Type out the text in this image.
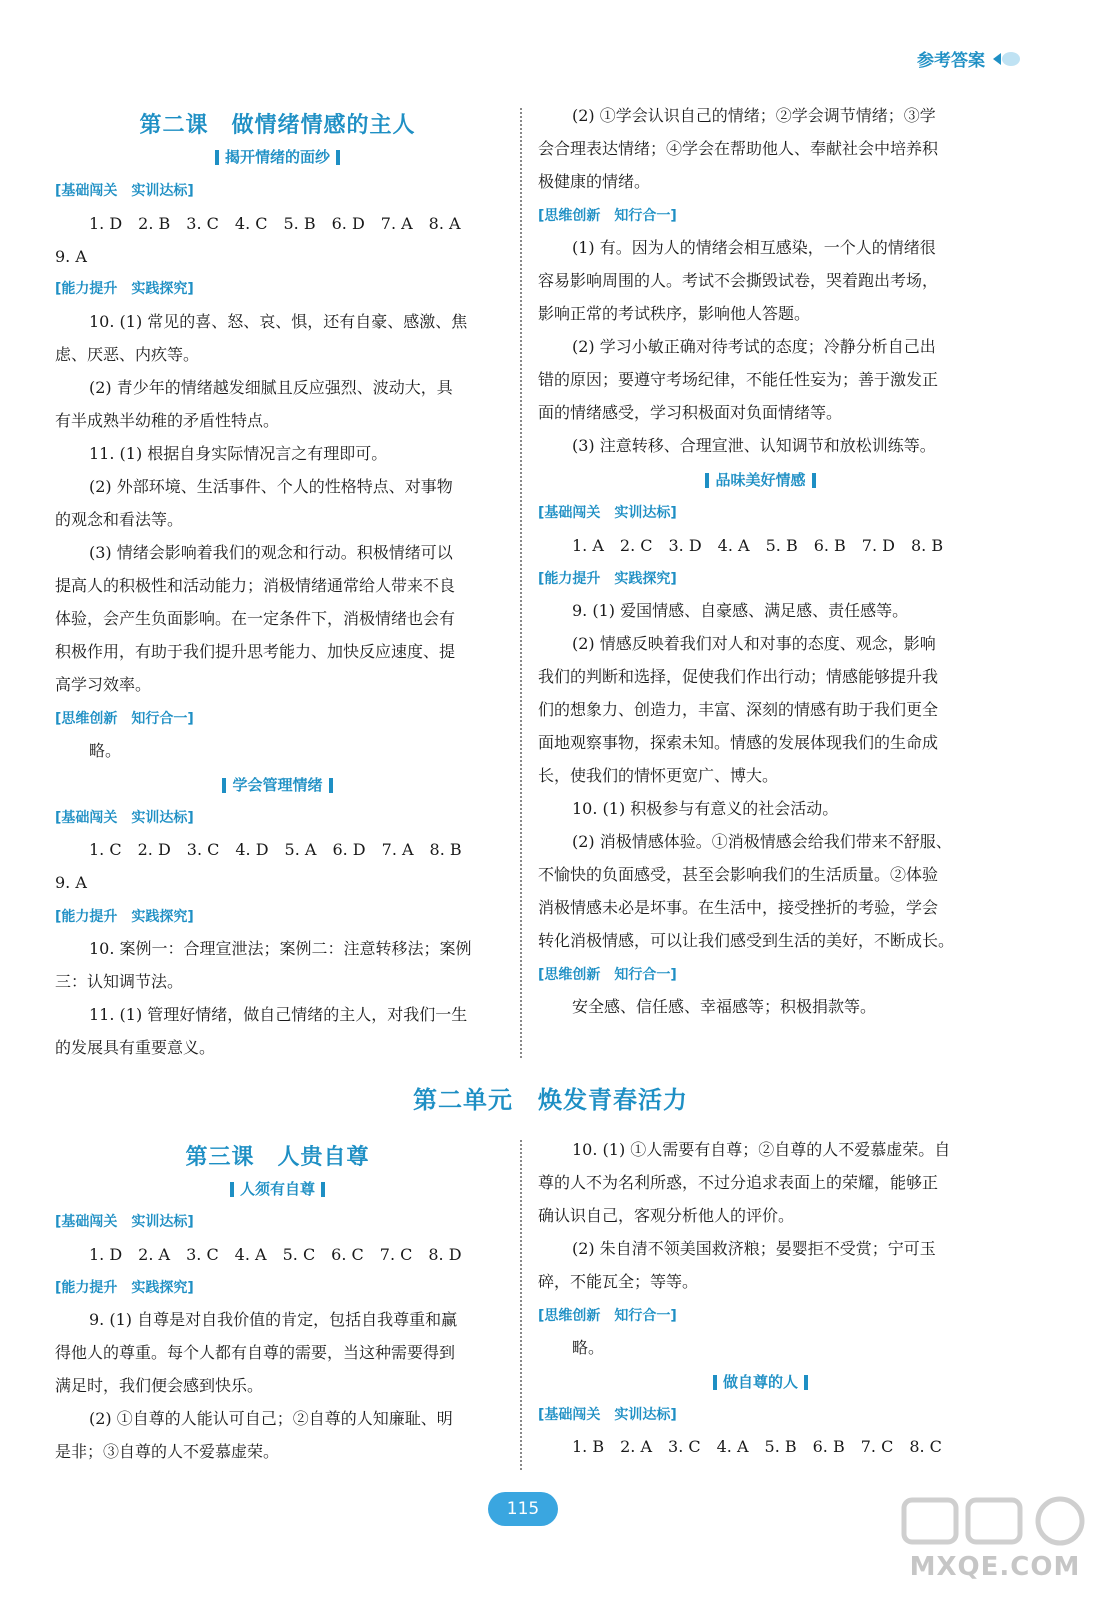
参考答案
第二课　做情绪情感的主人
揭开情绪的面纱
[基础闯关　实训达标]
1. D　2. B　3. C　4. C　5. B　6. D　7. A　8. A
9. A
[能力提升　实践探究]
10. (1) 常见的喜、怒、哀、惧，还有自豪、感激、焦
虑、厌恶、内疚等。
(2) 青少年的情绪越发细腻且反应强烈、波动大，具
有半成熟半幼稚的矛盾性特点。
11. (1) 根据自身实际情况言之有理即可。
(2) 外部环境、生活事件、个人的性格特点、对事物
的观念和看法等。
(3) 情绪会影响着我们的观念和行动。积极情绪可以
提高人的积极性和活动能力；消极情绪通常给人带来不良
体验，会产生负面影响。在一定条件下，消极情绪也会有
积极作用，有助于我们提升思考能力、加快反应速度、提
高学习效率。
[思维创新　知行合一]
略。
学会管理情绪
[基础闯关　实训达标]
1. C　2. D　3. C　4. D　5. A　6. D　7. A　8. B
9. A
[能力提升　实践探究]
10. 案例一：合理宣泄法；案例二：注意转移法；案例
三：认知调节法。
11. (1) 管理好情绪，做自己情绪的主人，对我们一生
的发展具有重要意义。
(2) ①学会认识自己的情绪；②学会调节情绪；③学
会合理表达情绪；④学会在帮助他人、奉献社会中培养积
极健康的情绪。
[思维创新　知行合一]
(1) 有。因为人的情绪会相互感染，一个人的情绪很
容易影响周围的人。考试不会撕毁试卷，哭着跑出考场，
影响正常的考试秩序，影响他人答题。
(2) 学习小敏正确对待考试的态度；冷静分析自己出
错的原因；要遵守考场纪律，不能任性妄为；善于激发正
面的情绪感受，学习积极面对负面情绪等。
(3) 注意转移、合理宣泄、认知调节和放松训练等。
品味美好情感
[基础闯关　实训达标]
1. A　2. C　3. D　4. A　5. B　6. B　7. D　8. B
[能力提升　实践探究]
9. (1) 爱国情感、自豪感、满足感、责任感等。
(2) 情感反映着我们对人和对事的态度、观念，影响
我们的判断和选择，促使我们作出行动；情感能够提升我
们的想象力、创造力，丰富、深刻的情感有助于我们更全
面地观察事物，探索未知。情感的发展体现我们的生命成
长，使我们的情怀更宽广、博大。
10. (1) 积极参与有意义的社会活动。
(2) 消极情感体验。①消极情感会给我们带来不舒服、
不愉快的负面感受，甚至会影响我们的生活质量。②体验
消极情感未必是坏事。在生活中，接受挫折的考验，学会
转化消极情感，可以让我们感受到生活的美好，不断成长。
[思维创新　知行合一]
安全感、信任感、幸福感等；积极捐款等。
第二单元　焕发青春活力
第三课　人贵自尊
人须有自尊
[基础闯关　实训达标]
1. D　2. A　3. C　4. A　5. C　6. C　7. C　8. D
[能力提升　实践探究]
9. (1) 自尊是对自我价值的肯定，包括自我尊重和赢
得他人的尊重。每个人都有自尊的需要，当这种需要得到
满足时，我们便会感到快乐。
(2) ①自尊的人能认可自己；②自尊的人知廉耻、明
是非；③自尊的人不爱慕虚荣。
10. (1) ①人需要有自尊；②自尊的人不爱慕虚荣。自
尊的人不为名利所惑，不过分追求表面上的荣耀，能够正
确认识自己，客观分析他人的评价。
(2) 朱自清不领美国救济粮；晏婴拒不受赏；宁可玉
碎，不能瓦全；等等。
[思维创新　知行合一]
略。
做自尊的人
[基础闯关　实训达标]
1. B　2. A　3. C　4. A　5. B　6. B　7. C　8. C
115
MXQE.COM
